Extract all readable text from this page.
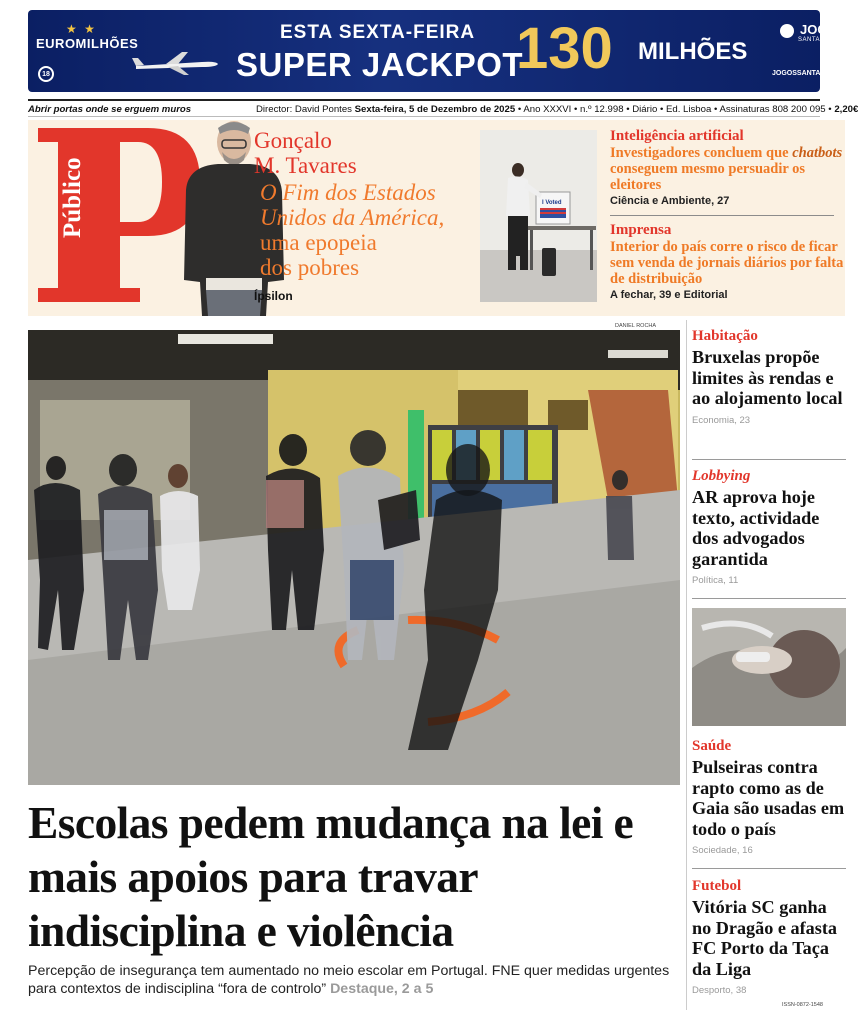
★ ★
EUROMILHÕES
18
ESTA SEXTA-FEIRA
SUPER JACKPOT
130 MILHÕES
JOGOS
SANTACASA
JOGOSSANTACASA.PT
Abrir portas onde se erguem muros	Director: David Pontes Sexta-feira, 5 de Dezembro de 2025 • Ano XXXVI • n.º 12.998 • Diário • Ed. Lisboa • Assinaturas 808 200 095 • 2,20€
Público
Gonçalo
M. Tavares
O Fim dos Estados
Unidos da América,
uma epopeia
dos pobres
Ípsilon
I Voted
Inteligência artificial
Investigadores concluem que chatbots conseguem mesmo persuadir os eleitores
Ciência e Ambiente, 27
Imprensa
Interior do país corre o risco de ficar sem venda de jornais diários por falta de distribuição
A fechar, 39 e Editorial
DANIEL ROCHA
Escolas pedem mudança na lei e mais apoios para travar indisciplina e violência
Percepção de insegurança tem aumentado no meio escolar em Portugal. FNE quer medidas urgentes para contextos de indisciplina “fora de controlo” Destaque, 2 a 5
Habitação
Bruxelas propõe limites às rendas e ao alojamento local
Economia, 23
Lobbying
AR aprova hoje texto, actividade dos advogados garantida
Política, 11
Saúde
Pulseiras contra rapto como as de Gaia são usadas em todo o país
Sociedade, 16
Futebol
Vitória SC ganha no Dragão e afasta FC Porto da Taça da Liga
Desporto, 38
ISSN-0872-1548
